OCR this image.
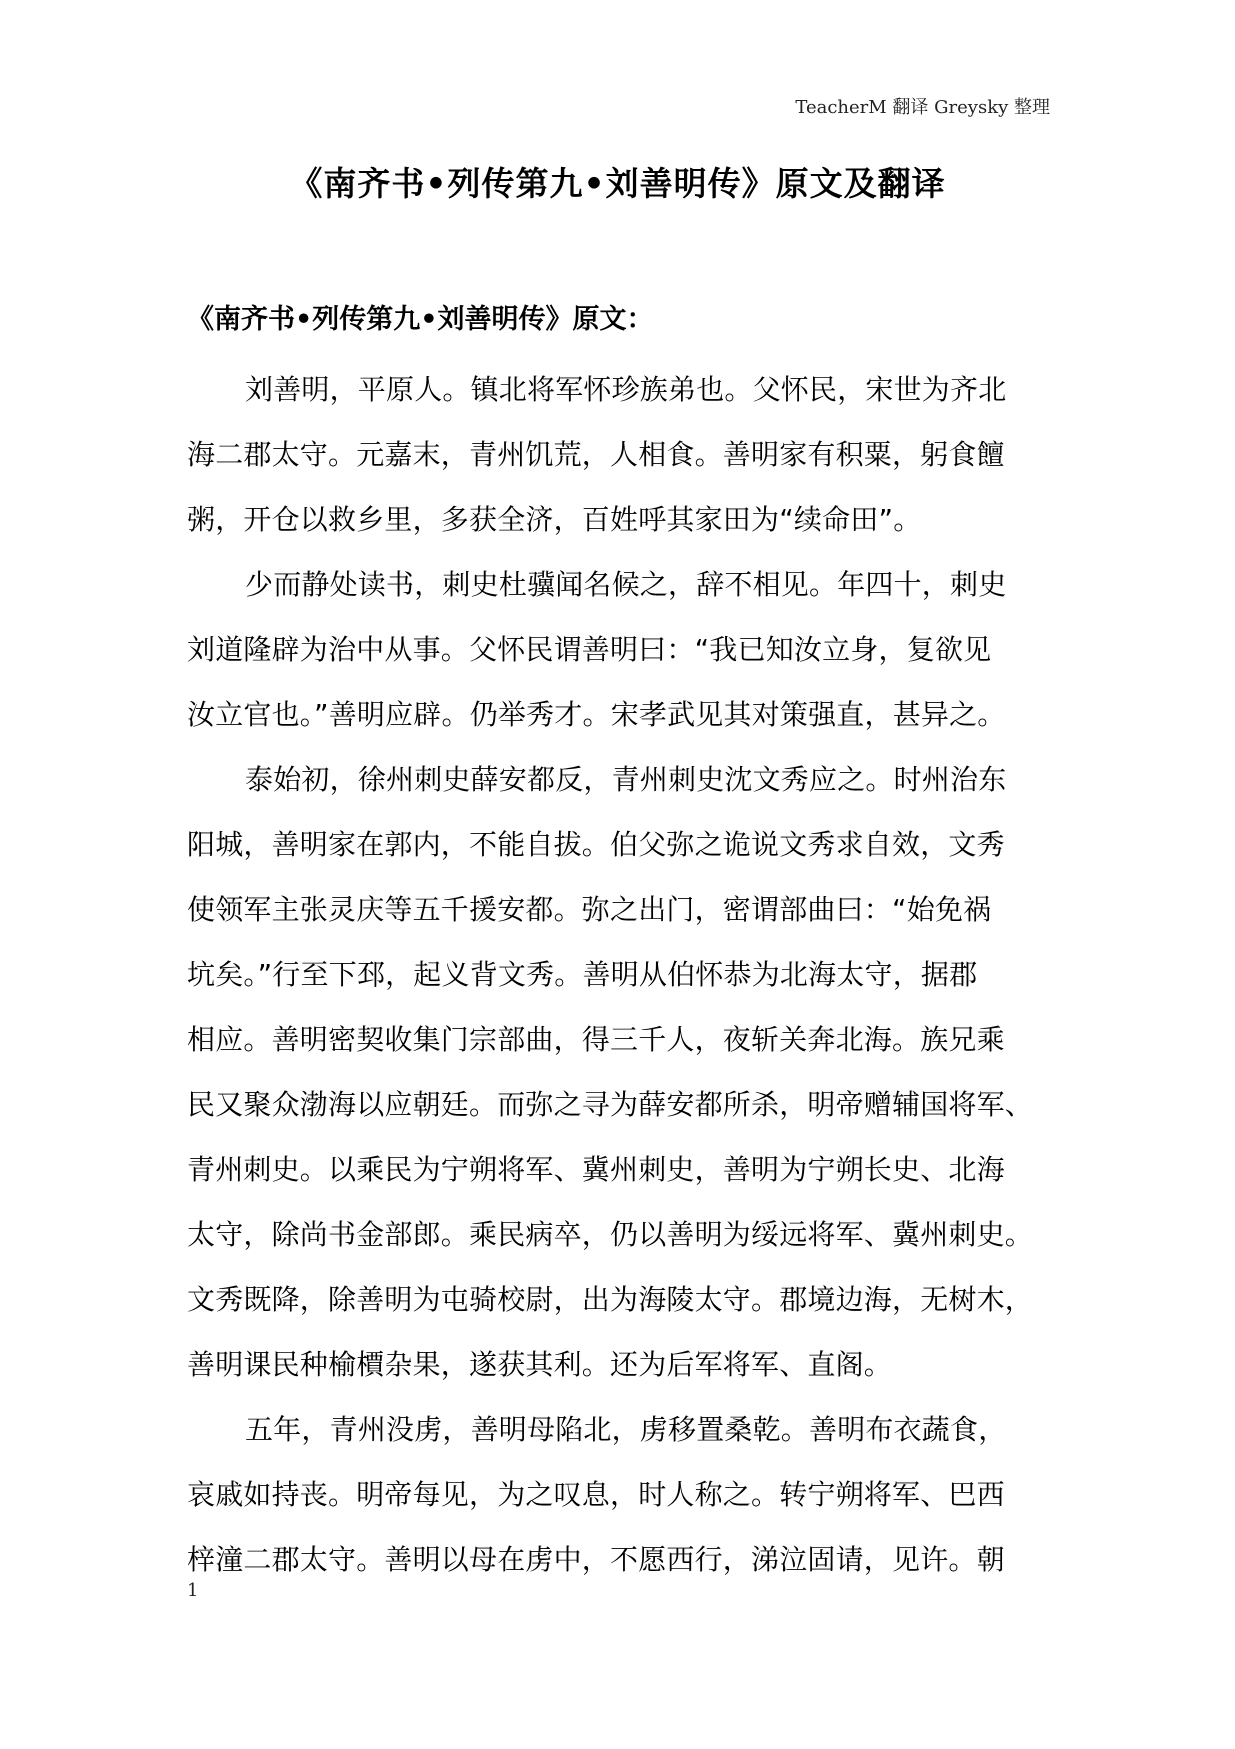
TeacherM 翻译 Greysky 整理
《南齐书•列传第九•刘善明传》原文及翻译
《南齐书•列传第九•刘善明传》原文：
刘善明，平原人。镇北将军怀珍族弟也。父怀民，宋世为齐北
海二郡太守。元嘉末，青州饥荒，人相食。善明家有积粟，躬食饘
粥，开仓以救乡里，多获全济，百姓呼其家田为“续命田”。
少而静处读书，刺史杜骥闻名候之，辞不相见。年四十，刺史
刘道隆辟为治中从事。父怀民谓善明曰：“我已知汝立身，复欲见
汝立官也。”善明应辟。仍举秀才。宋孝武见其对策强直，甚异之。
泰始初，徐州刺史薛安都反，青州刺史沈文秀应之。时州治东
阳城，善明家在郭内，不能自拔。伯父弥之诡说文秀求自效，文秀
使领军主张灵庆等五千援安都。弥之出门，密谓部曲曰：“始免祸
坑矣。”行至下邳，起义背文秀。善明从伯怀恭为北海太守，据郡
相应。善明密契收集门宗部曲，得三千人，夜斩关奔北海。族兄乘
民又聚众渤海以应朝廷。而弥之寻为薛安都所杀，明帝赠辅国将军、
青州刺史。以乘民为宁朔将军、冀州刺史，善明为宁朔长史、北海
太守，除尚书金部郎。乘民病卒，仍以善明为绥远将军、冀州刺史。
文秀既降，除善明为屯骑校尉，出为海陵太守。郡境边海，无树木，
善明课民种榆檟杂果，遂获其利。还为后军将军、直阁。
五年，青州没虏，善明母陷北，虏移置桑乾。善明布衣蔬食，
哀戚如持丧。明帝每见，为之叹息，时人称之。转宁朔将军、巴西
梓潼二郡太守。善明以母在虏中，不愿西行，涕泣固请，见许。朝
1
